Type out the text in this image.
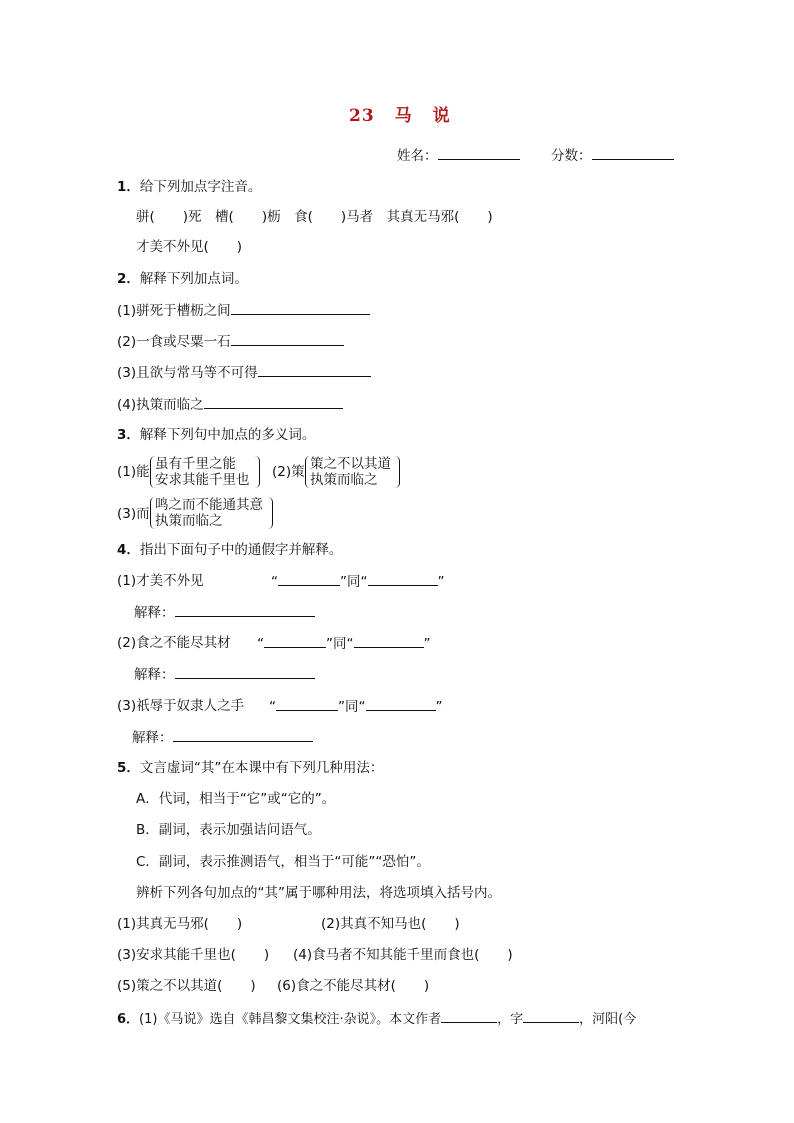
23 马 说
姓名：	分数：
1．给下列加点字注音。
骈( )死　槽( )枥　食( )马者　其真无马邪( )
才美不外见( )
2．解释下列加点词。
(1)骈死于槽枥之间
(2)一食或尽粟一石
(3)且欲与常马等不可得
(4)执策而临之
3．解释下列句中加点的多义词。
(1)能 虽有千里之能
安求其能千里也 (2)策 策之不以其道
执策而临之
(3)而
鸣之而不能通其意
执策而临之
4．指出下面句子中的通假字并解释。
(1)才美不外见	“	”同“	”
解释：
(2)食之不能尽其材 “	”同“	”
解释：
(3)祇辱于奴隶人之手 “	”同“	”
解释：
5．文言虚词“其”在本课中有下列几种用法：
A．代词，相当于“它”或“它的”。
B．副词，表示加强诘问语气。
C．副词，表示推测语气，相当于“可能”“恐怕”。
辨析下列各句加点的“其”属于哪种用法，将选项填入括号内。
(1)其真无马邪( )	(2)其真不知马也( )
(3)安求其能千里也( ) (4)食马者不知其能千里而食也( )
(5)策之不以其道( ) (6)食之不能尽其材( )
6．(1)《马说》选自《韩昌黎文集校注·杂说》。本文作者	，字	，河阳(今
